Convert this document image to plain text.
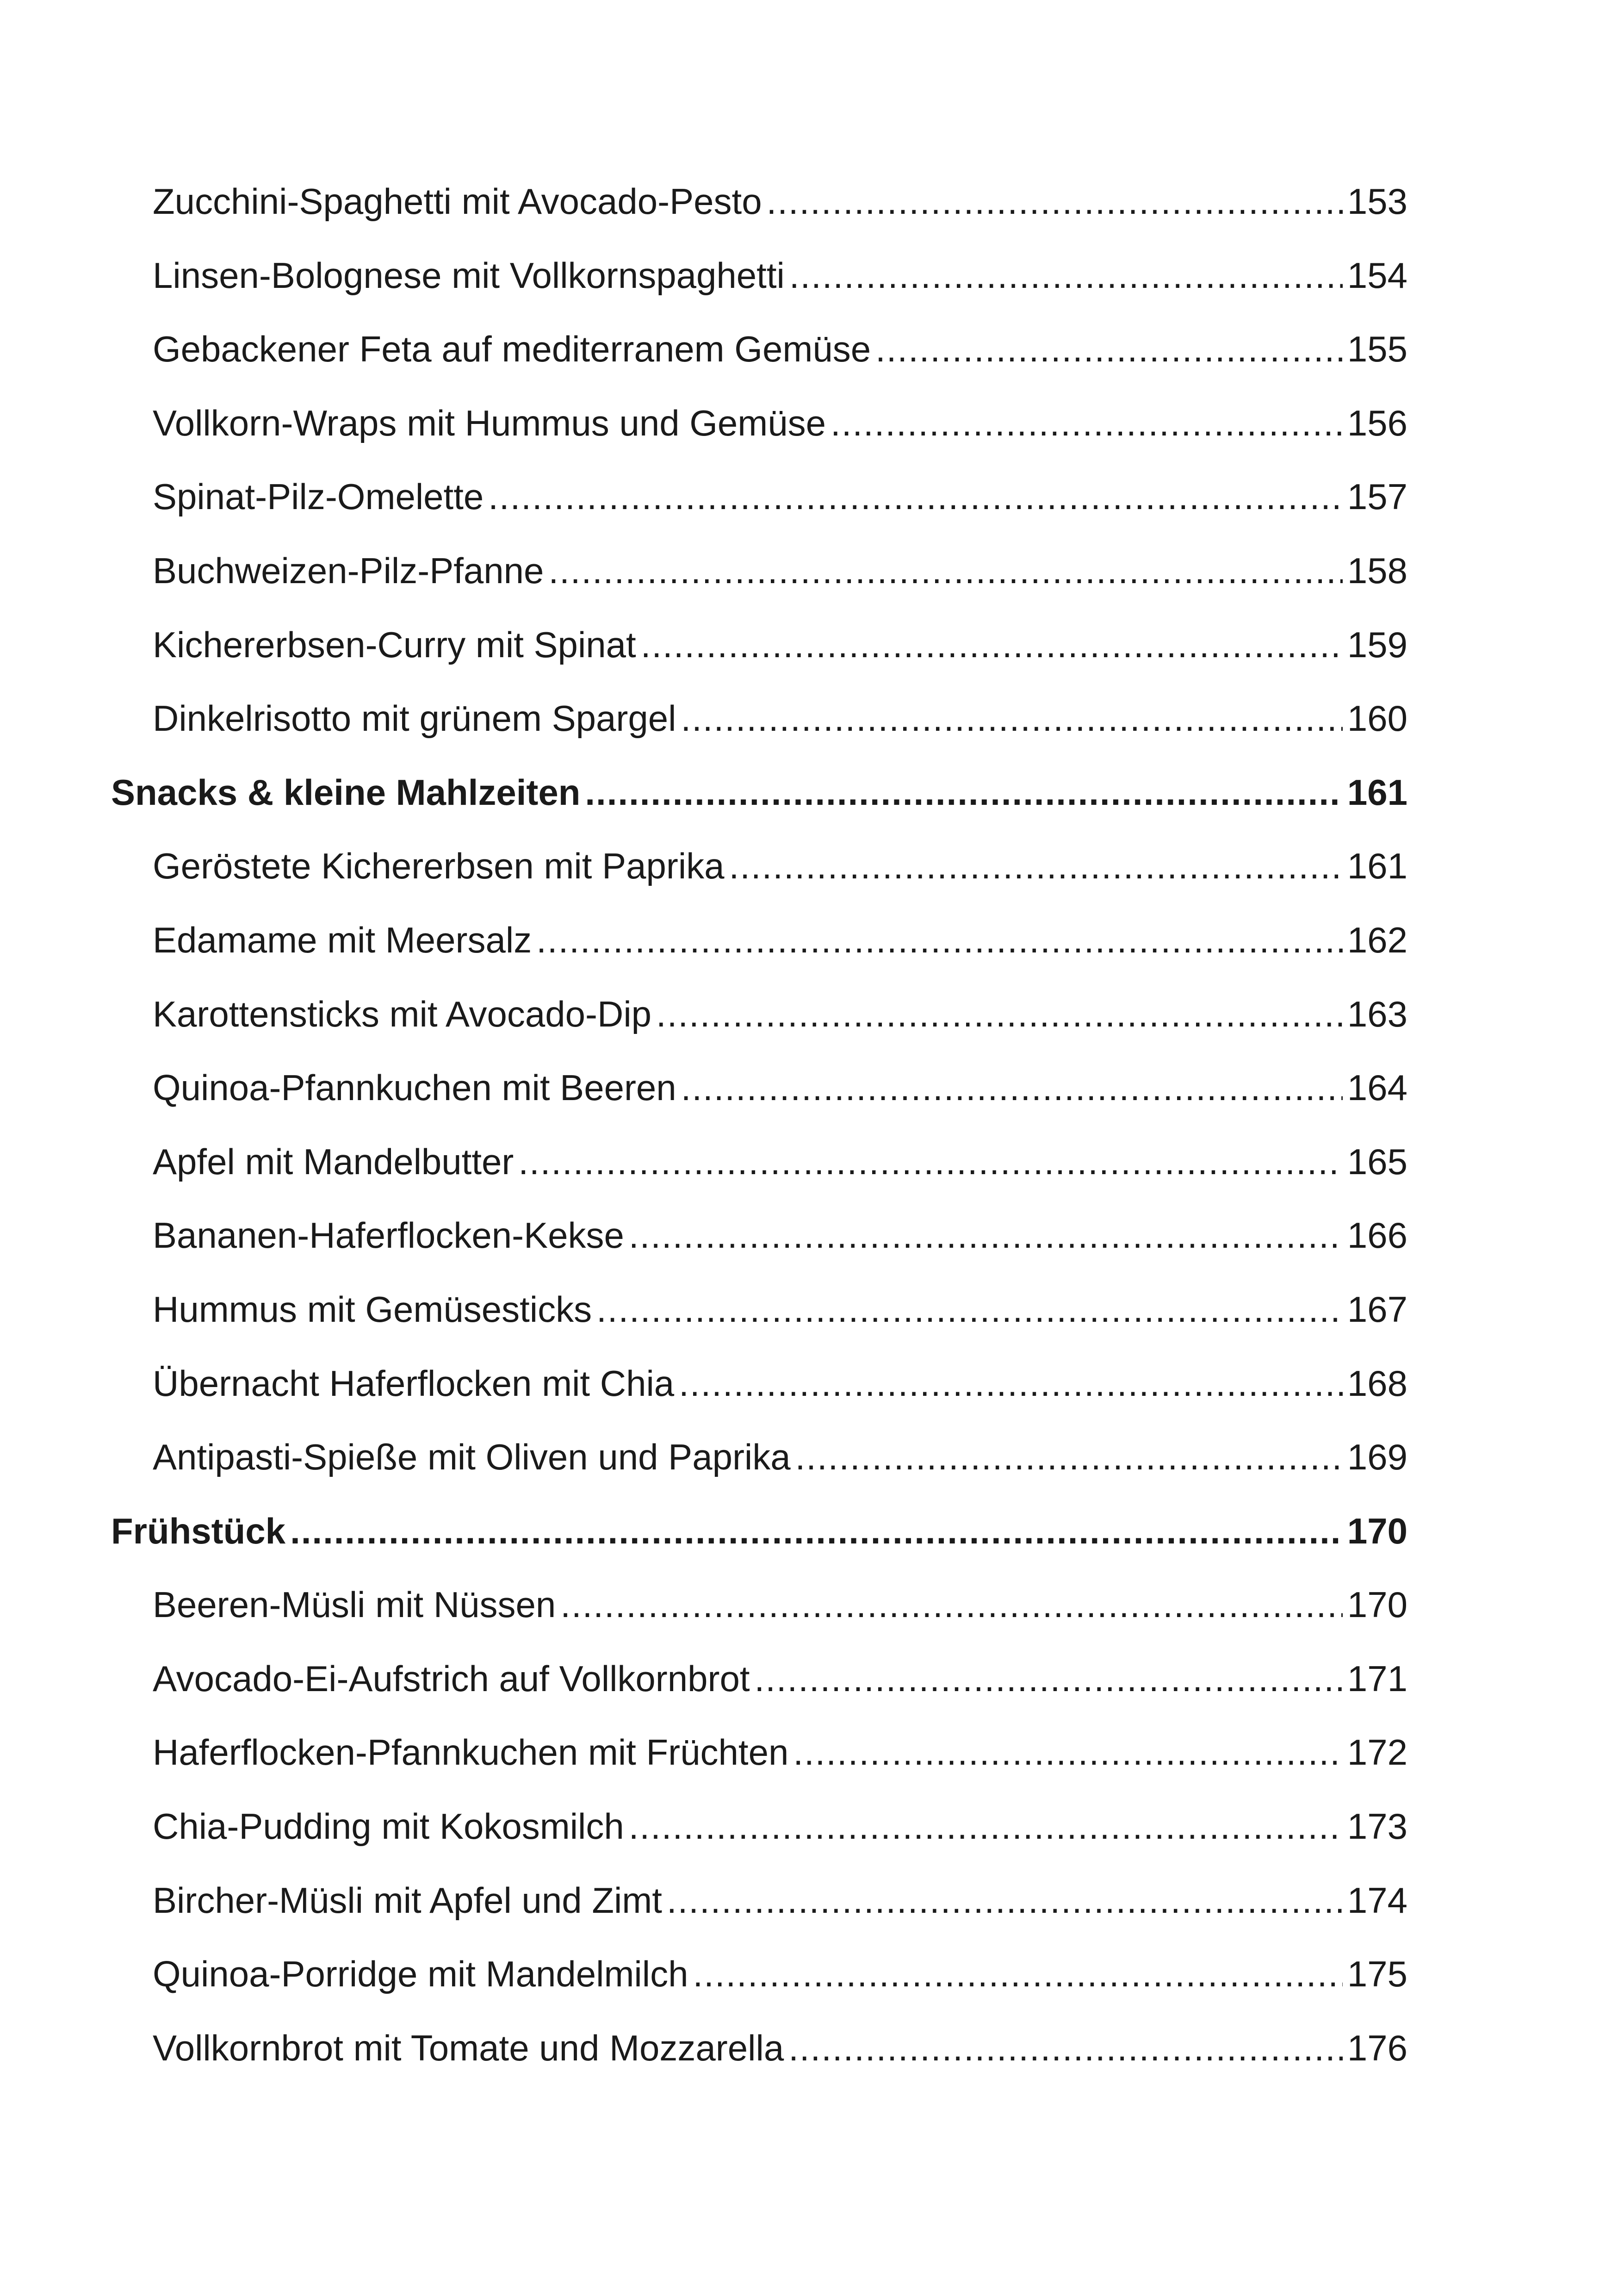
Zucchini-Spaghetti mit Avocado-Pesto .....	153
Linsen-Bolognese mit Vollkornspaghetti .....	154
Gebackener Feta auf mediterranem Gemüse .....	155
Vollkorn-Wraps mit Hummus und Gemüse .....	156
Spinat-Pilz-Omelette .....	157
Buchweizen-Pilz-Pfanne .....	158
Kichererbsen-Curry mit Spinat .....	159
Dinkelrisotto mit grünem Spargel .....	160
Snacks & kleine Mahlzeiten .....	161
Geröstete Kichererbsen mit Paprika .....	161
Edamame mit Meersalz .....	162
Karottensticks mit Avocado-Dip .....	163
Quinoa-Pfannkuchen mit Beeren .....	164
Apfel mit Mandelbutter .....	165
Bananen-Haferflocken-Kekse .....	166
Hummus mit Gemüsesticks .....	167
Übernacht Haferflocken mit Chia .....	168
Antipasti-Spieße mit Oliven und Paprika .....	169
Frühstück .....	170
Beeren-Müsli mit Nüssen .....	170
Avocado-Ei-Aufstrich auf Vollkornbrot .....	171
Haferflocken-Pfannkuchen mit Früchten .....	172
Chia-Pudding mit Kokosmilch .....	173
Bircher-Müsli mit Apfel und Zimt .....	174
Quinoa-Porridge mit Mandelmilch .....	175
Vollkornbrot mit Tomate und Mozzarella .....	176
